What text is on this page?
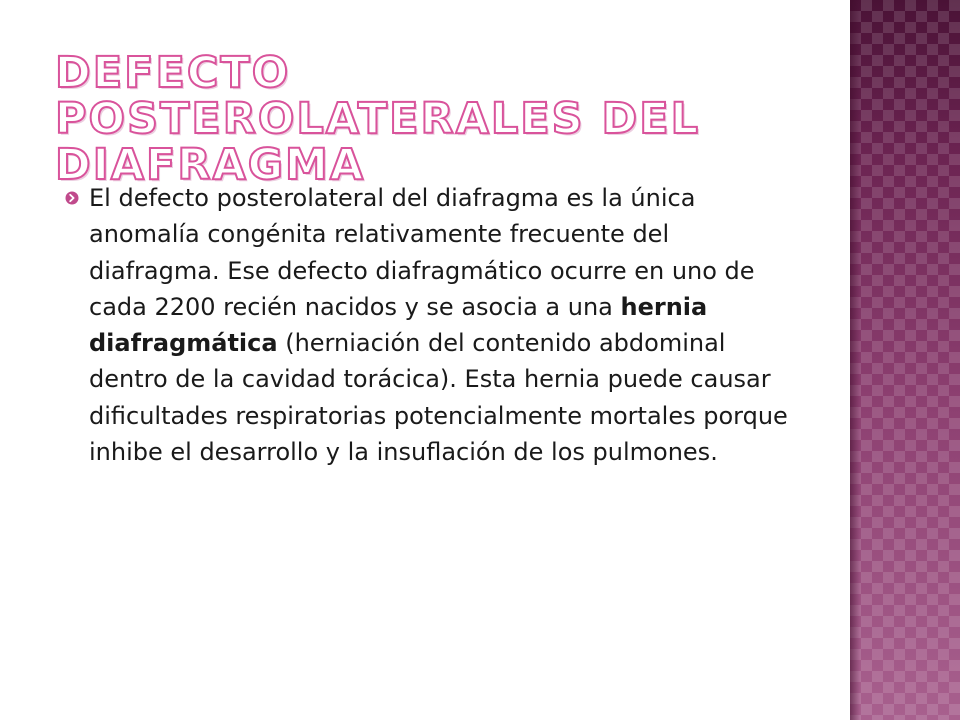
DEFECTO POSTEROLATERALES DEL DIAFRAGMA

El defecto posterolateral del diafragma es la única anomalía congénita relativamente frecuente del diafragma. Ese defecto diafragmático ocurre en uno de cada 2200 recién nacidos y se asocia a una hernia diafragmática (herniación del contenido abdominal dentro de la cavidad torácica). Esta hernia puede causar dificultades respiratorias potencialmente mortales porque inhibe el desarrollo y la insuflación de los pulmones.
